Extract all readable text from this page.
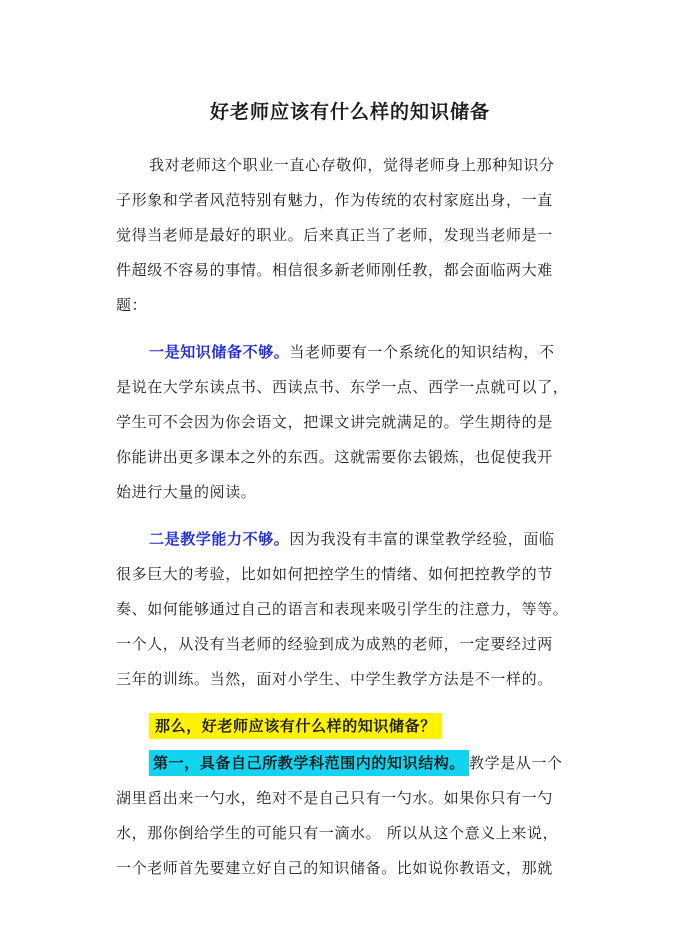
好老师应该有什么样的知识储备
我对老师这个职业一直心存敬仰，觉得老师身上那种知识分
子形象和学者风范特别有魅力，作为传统的农村家庭出身，一直
觉得当老师是最好的职业。后来真正当了老师，发现当老师是一
件超级不容易的事情。相信很多新老师刚任教，都会面临两大难
题：
一是知识储备不够。当老师要有一个系统化的知识结构，不
是说在大学东读点书、西读点书、东学一点、西学一点就可以了，
学生可不会因为你会语文，把课文讲完就满足的。学生期待的是
你能讲出更多课本之外的东西。这就需要你去锻炼，也促使我开
始进行大量的阅读。
二是教学能力不够。因为我没有丰富的课堂教学经验，面临
很多巨大的考验，比如如何把控学生的情绪、如何把控教学的节
奏、如何能够通过自己的语言和表现来吸引学生的注意力，等等。
一个人，从没有当老师的经验到成为成熟的老师，一定要经过两
三年的训练。当然，面对小学生、中学生教学方法是不一样的。
那么，好老师应该有什么样的知识储备？
第一，具备自己所教学科范围内的知识结构。 教学是从一个
湖里舀出来一勺水，绝对不是自己只有一勺水。如果你只有一勺
水，那你倒给学生的可能只有一滴水。 所以从这个意义上来说，
一个老师首先要建立好自己的知识储备。比如说你教语文，那就
